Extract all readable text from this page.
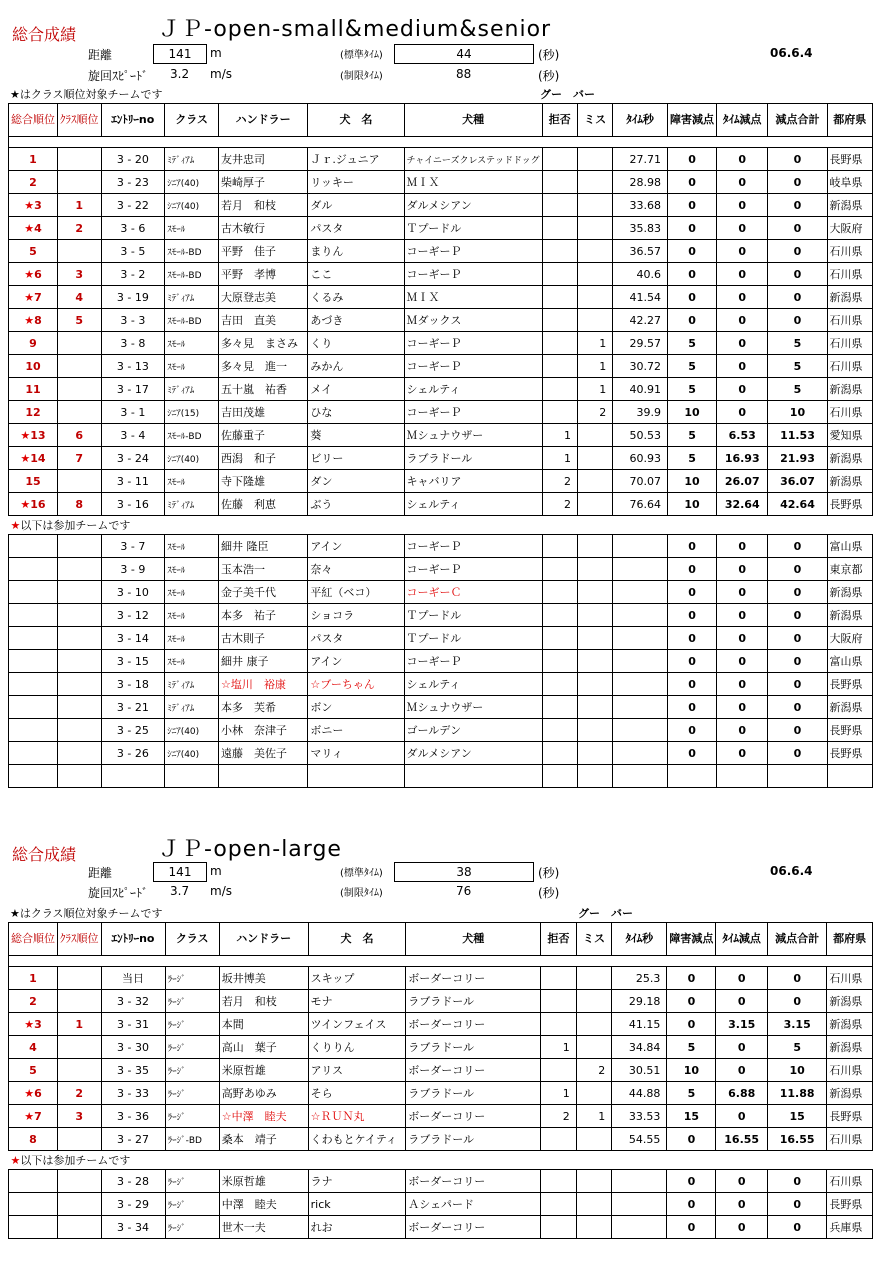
総合成績	ＪＰ-open-small&medium&senior
距離	141	m	(標準ﾀｲﾑ)	44	(秒)	06.6.4
旋回ｽﾋﾟｰﾄﾞ 3.2 m/s	(制限ﾀｲﾑ)	88	(秒)
★はクラス順位対象チームです	グー　バー
総合順位	ｸﾗｽ順位	ｴﾝﾄﾘｰno	クラス	ハンドラー	犬　名	犬種	拒否	ミス	ﾀｲﾑ秒	障害減点	ﾀｲﾑ減点	減点合計	都府県

1		3 - 20	ﾐﾃﾞｨｱﾑ	友井忠司	Ｊｒ.ジュニア	チャイニーズクレステッドドッグ			27.71	0	0	0	長野県
2		3 - 23	ｼﾆｱ(40)	柴崎厚子	リッキー	ＭＩＸ			28.98	0	0	0	岐阜県
★3	1	3 - 22	ｼﾆｱ(40)	若月　和枝	ダル	ダルメシアン			33.68	0	0	0	新潟県
★4	2	3 - 6	ｽﾓｰﾙ	古木敏行	パスタ	Ｔプードル			35.83	0	0	0	大阪府
5		3 - 5	ｽﾓｰﾙ-BD	平野　佳子	まりん	コーギーＰ			36.57	0	0	0	石川県
★6	3	3 - 2	ｽﾓｰﾙ-BD	平野　孝博	ここ	コーギーＰ			40.6	0	0	0	石川県
★7	4	3 - 19	ﾐﾃﾞｨｱﾑ	大原登志美	くるみ	ＭＩＸ			41.54	0	0	0	新潟県
★8	5	3 - 3	ｽﾓｰﾙ-BD	吉田　直美	あづき	Ｍダックス			42.27	0	0	0	石川県
9		3 - 8	ｽﾓｰﾙ	多々見　まさみ	くり	コーギーＰ		1	29.57	5	0	5	石川県
10		3 - 13	ｽﾓｰﾙ	多々見　進一	みかん	コーギーＰ		1	30.72	5	0	5	石川県
11		3 - 17	ﾐﾃﾞｨｱﾑ	五十嵐　祐香	メイ	シェルティ		1	40.91	5	0	5	新潟県
12		3 - 1	ｼﾆｱ(15)	吉田茂雄	ひな	コーギーＰ		2	39.9	10	0	10	石川県
★13	6	3 - 4	ｽﾓｰﾙ-BD	佐藤重子	葵	Ｍシュナウザー	1		50.53	5	6.53	11.53	愛知県
★14	7	3 - 24	ｼﾆｱ(40)	西潟　和子	ビリー	ラブラドール	1		60.93	5	16.93	21.93	新潟県
15		3 - 11	ｽﾓｰﾙ	寺下隆雄	ダン	キャバリア	2		70.07	10	26.07	36.07	新潟県
★16	8	3 - 16	ﾐﾃﾞｨｱﾑ	佐藤　利恵	ぶう	シェルティ	2		76.64	10	32.64	42.64	長野県
★以下は参加チームです													
		3 - 7	ｽﾓｰﾙ	細井 隆臣	アイン	コーギーＰ				0	0	0	富山県
		3 - 9	ｽﾓｰﾙ	玉本浩一	奈々	コーギーＰ				0	0	0	東京都
		3 - 10	ｽﾓｰﾙ	金子美千代	平紅（ベコ）	コーギーＣ				0	0	0	新潟県
		3 - 12	ｽﾓｰﾙ	本多　祐子	ショコラ	Ｔプードル				0	0	0	新潟県
		3 - 14	ｽﾓｰﾙ	古木則子	パスタ	Ｔプードル				0	0	0	大阪府
		3 - 15	ｽﾓｰﾙ	細井 康子	アイン	コーギーＰ				0	0	0	富山県
		3 - 18	ﾐﾃﾞｨｱﾑ	☆塩川　裕康	☆ブーちゃん	シェルティ				0	0	0	長野県
		3 - 21	ﾐﾃﾞｨｱﾑ	本多　芙希	ボン	Ｍシュナウザー				0	0	0	新潟県
		3 - 25	ｼﾆｱ(40)	小林　奈津子	ボニー	ゴールデン				0	0	0	長野県
		3 - 26	ｼﾆｱ(40)	遠藤　美佐子	マリィ	ダルメシアン				0	0	0	長野県

総合成績	ＪＰ-open-large
距離	141	m	(標準ﾀｲﾑ)	38	(秒)	06.6.4
旋回ｽﾋﾟｰﾄﾞ 3.7 m/s	(制限ﾀｲﾑ)	76	(秒)
★はクラス順位対象チームです	グー　バー
総合順位	ｸﾗｽ順位	ｴﾝﾄﾘｰno	クラス	ハンドラー	犬　名	犬種	拒否	ミス	ﾀｲﾑ秒	障害減点	ﾀｲﾑ減点	減点合計	都府県

1		当日	ﾗｰｼﾞ	坂井博美	スキップ	ボーダーコリー			25.3	0	0	0	石川県
2		3 - 32	ﾗｰｼﾞ	若月　和枝	モナ	ラブラドール			29.18	0	0	0	新潟県
★3	1	3 - 31	ﾗｰｼﾞ	本間	ツインフェイス	ボーダーコリー			41.15	0	3.15	3.15	新潟県
4		3 - 30	ﾗｰｼﾞ	高山　葉子	くりりん	ラブラドール	1		34.84	5	0	5	新潟県
5		3 - 35	ﾗｰｼﾞ	米原哲雄	アリス	ボーダーコリー		2	30.51	10	0	10	石川県
★6	2	3 - 33	ﾗｰｼﾞ	高野あゆみ	そら	ラブラドール	1		44.88	5	6.88	11.88	新潟県
★7	3	3 - 36	ﾗｰｼﾞ	☆中澤　睦夫	☆ＲＵＮ丸	ボーダーコリー	2	1	33.53	15	0	15	長野県
8		3 - 27	ﾗｰｼﾞ-BD	桑本　靖子	くわもとケイティ	ラブラドール			54.55	0	16.55	16.55	石川県
★以下は参加チームです													
		3 - 28	ﾗｰｼﾞ	米原哲雄	ラナ	ボーダーコリー				0	0	0	石川県
		3 - 29	ﾗｰｼﾞ	中澤　睦夫	rick	Ａシェパード				0	0	0	長野県
		3 - 34	ﾗｰｼﾞ	世木一夫	れお	ボーダーコリー				0	0	0	兵庫県
